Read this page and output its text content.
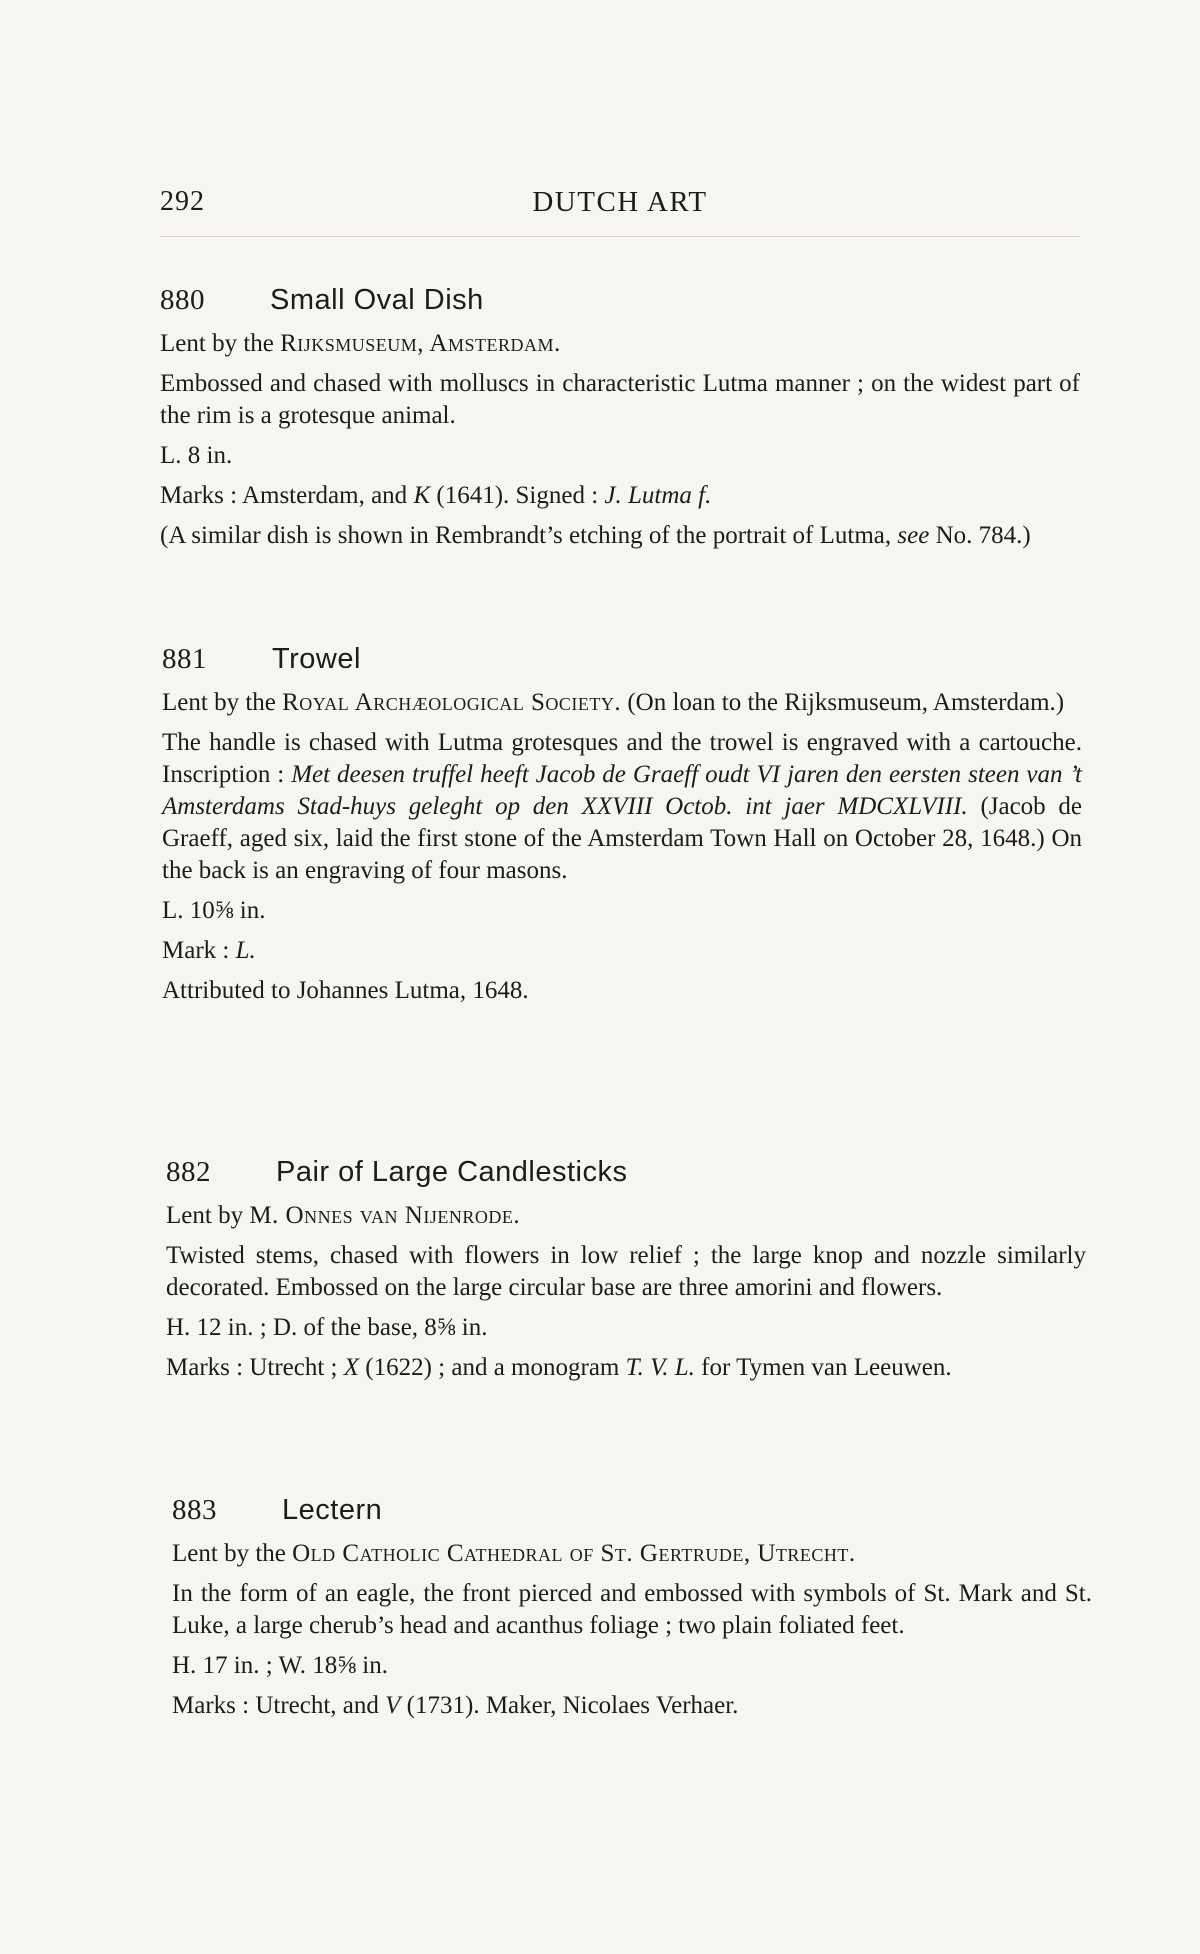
292	DUTCH ART
880 Small Oval Dish

Lent by the Rijksmuseum, Amsterdam.

Embossed and chased with molluscs in characteristic Lutma manner ; on the widest part of the rim is a grotesque animal.

L. 8 in.

Marks : Amsterdam, and K (1641). Signed : J. Lutma f.

(A similar dish is shown in Rembrandt’s etching of the portrait of Lutma, see No. 784.)

881 Trowel

Lent by the Royal Archæological Society. (On loan to the Rijksmuseum, Amsterdam.)

The handle is chased with Lutma grotesques and the trowel is engraved with a cartouche. Inscription : Met deesen truffel heeft Jacob de Graeff oudt VI jaren den eersten steen van ’t Amsterdams Stad-huys geleght op den XXVIII Octob. int jaer MDCXLVIII. (Jacob de Graeff, aged six, laid the first stone of the Amsterdam Town Hall on October 28, 1648.) On the back is an engraving of four masons.

L. 10⅝ in.

Mark : L.

Attributed to Johannes Lutma, 1648.

882 Pair of Large Candlesticks

Lent by M. Onnes van Nijenrode.

Twisted stems, chased with flowers in low relief ; the large knop and nozzle similarly decorated. Embossed on the large circular base are three amorini and flowers.

H. 12 in. ; D. of the base, 8⅝ in.

Marks : Utrecht ; X (1622) ; and a monogram T. V. L. for Tymen van Leeuwen.

883 Lectern

Lent by the Old Catholic Cathedral of St. Gertrude, Utrecht.

In the form of an eagle, the front pierced and embossed with symbols of St. Mark and St. Luke, a large cherub’s head and acanthus foliage ; two plain foliated feet.

H. 17 in. ; W. 18⅝ in.

Marks : Utrecht, and V (1731). Maker, Nicolaes Verhaer.
